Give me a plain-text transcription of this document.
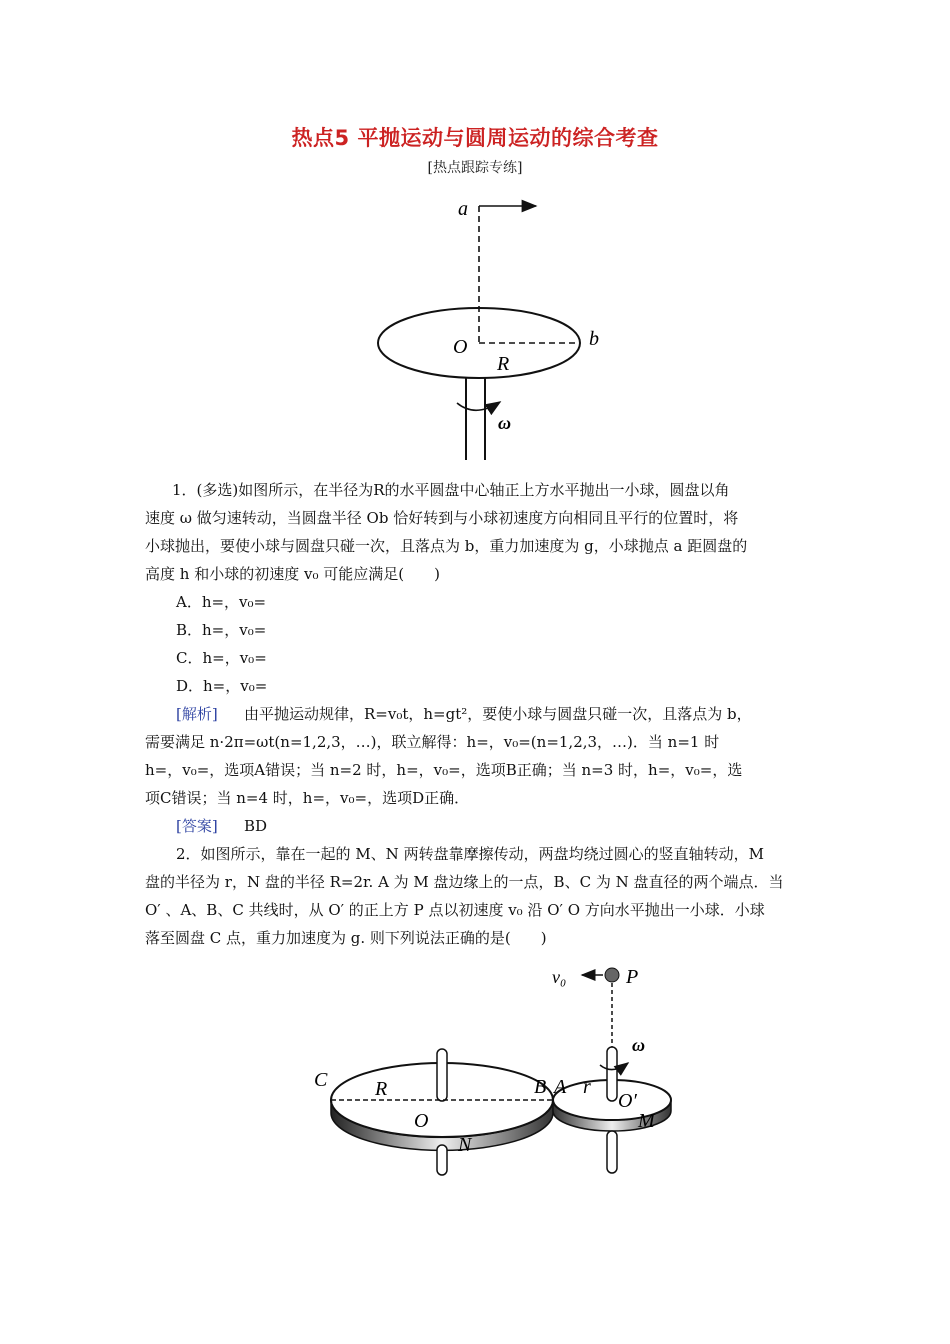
热点5 平抛运动与圆周运动的综合考查
[热点跟踪专练]
a
O
R
b
ω
1．(多选)如图所示，在半径为R的水平圆盘中心轴正上方水平抛出一小球，圆盘以角
速度 ω 做匀速转动，当圆盘半径 Ob 恰好转到与小球初速度方向相同且平行的位置时，将
小球抛出，要使小球与圆盘只碰一次，且落点为 b，重力加速度为 g，小球抛点 a 距圆盘的
高度 h 和小球的初速度 v₀ 可能应满足(　　)
A．h=，v₀=
B．h=，v₀=
C．h=，v₀=
D．h=，v₀=
[解析] 由平抛运动规律，R=v₀t，h=gt²，要使小球与圆盘只碰一次，且落点为 b，
需要满足 n·2π=ωt(n=1,2,3，…)，联立解得：h=，v₀=(n=1,2,3，…)．当 n=1 时
h=，v₀=，选项A错误；当 n=2 时，h=，v₀=，选项B正确；当 n=3 时，h=，v₀=，选
项C错误；当 n=4 时，h=，v₀=，选项D正确．
[答案] BD
2．如图所示，靠在一起的 M、N 两转盘靠摩擦传动，两盘均绕过圆心的竖直轴转动，M
盘的半径为 r，N 盘的半径 R=2r. A 为 M 盘边缘上的一点，B、C 为 N 盘直径的两个端点．当
O′ 、A、B、C 共线时，从 O′ 的正上方 P 点以初速度 v₀ 沿 O′ O 方向水平抛出一小球．小球
落至圆盘 C 点，重力加速度为 g. 则下列说法正确的是(　　)
v₀	P
ω
C R
O
N
B A r
O′
M
